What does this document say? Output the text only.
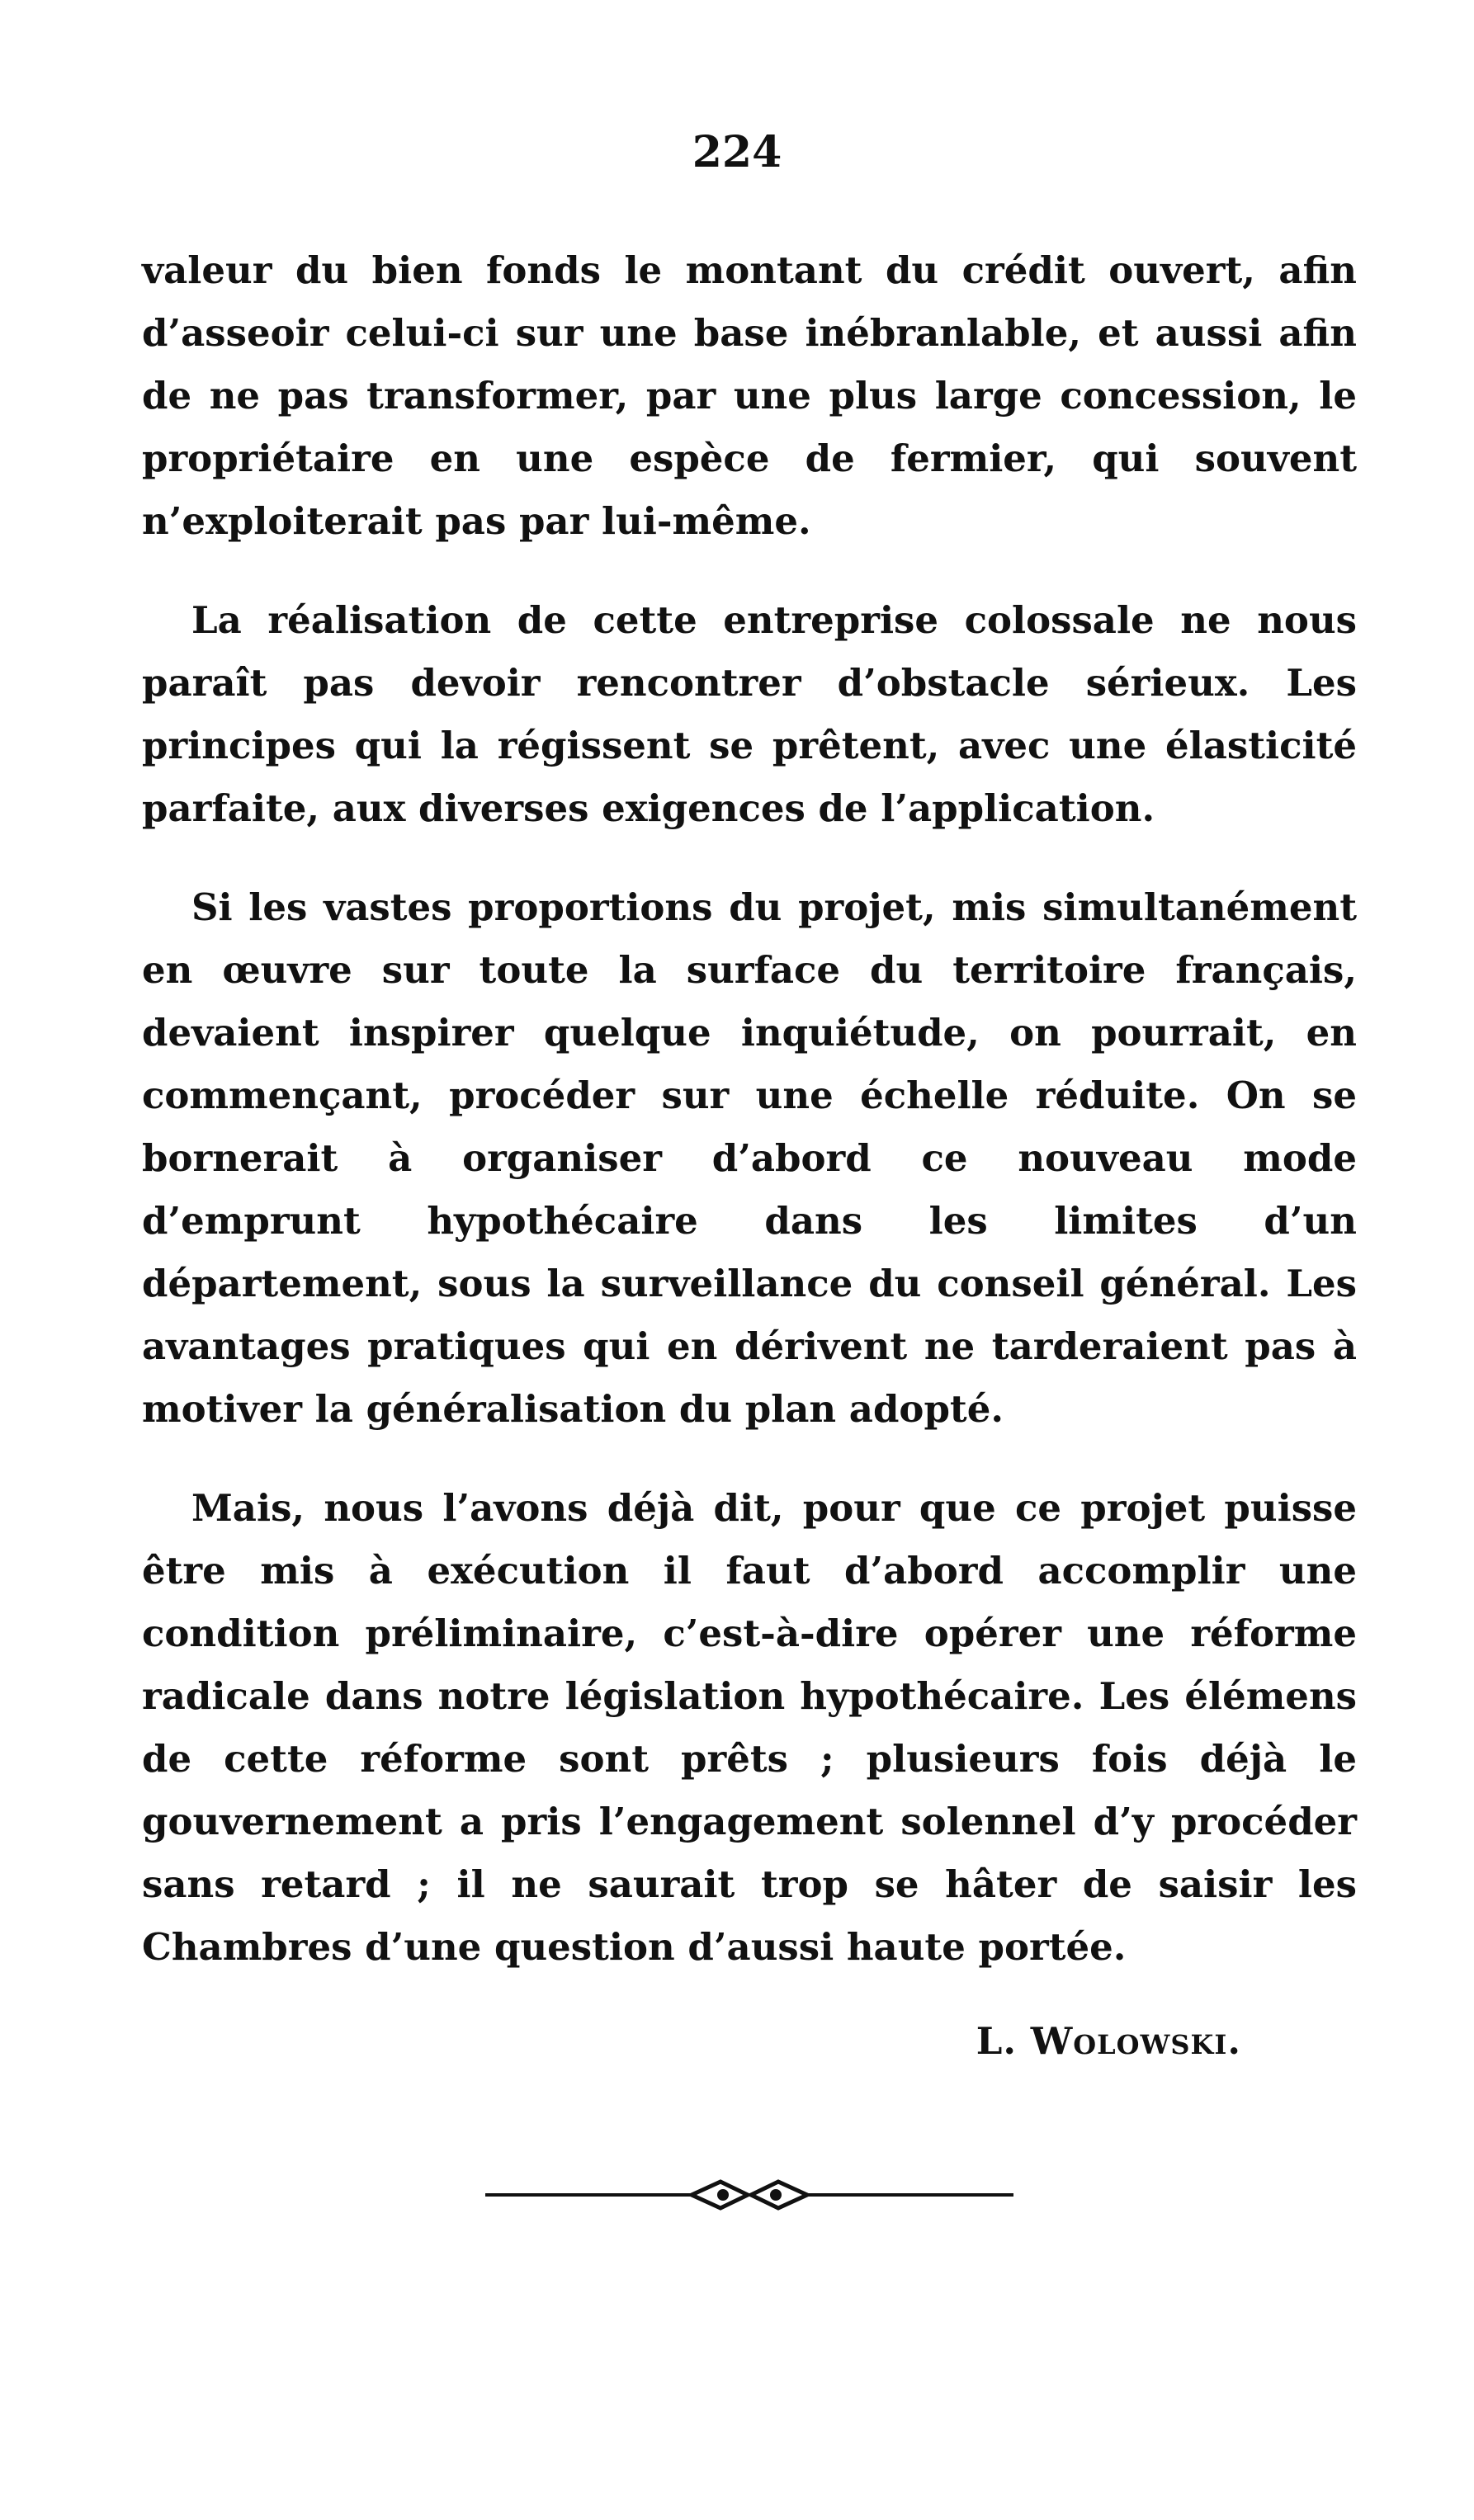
224

valeur du bien fonds le montant du crédit ouvert, afin d’asseoir celui-ci sur une base inébranlable, et aussi afin de ne pas transformer, par une plus large concession, le propriétaire en une espèce de fermier, qui souvent n’exploiterait pas par lui-même.

La réalisation de cette entreprise colossale ne nous paraît pas devoir rencontrer d’obstacle sérieux. Les principes qui la régissent se prêtent, avec une élasticité parfaite, aux diverses exigences de l’application.

Si les vastes proportions du projet, mis simultanément en œuvre sur toute la surface du territoire français, devaient inspirer quelque inquiétude, on pourrait, en commençant, procéder sur une échelle réduite. On se bornerait à organiser d’abord ce nouveau mode d’emprunt hypothécaire dans les limites d’un département, sous la surveillance du conseil général. Les avantages pratiques qui en dérivent ne tarderaient pas à motiver la généralisation du plan adopté.

Mais, nous l’avons déjà dit, pour que ce projet puisse être mis à exécution il faut d’abord accomplir une condition préliminaire, c’est-à-dire opérer une réforme radicale dans notre législation hypothécaire. Les élémens de cette réforme sont prêts ; plusieurs fois déjà le gouvernement a pris l’engagement solennel d’y procéder sans retard ; il ne saurait trop se hâter de saisir les Chambres d’une question d’aussi haute portée.

L. Wolowski.
